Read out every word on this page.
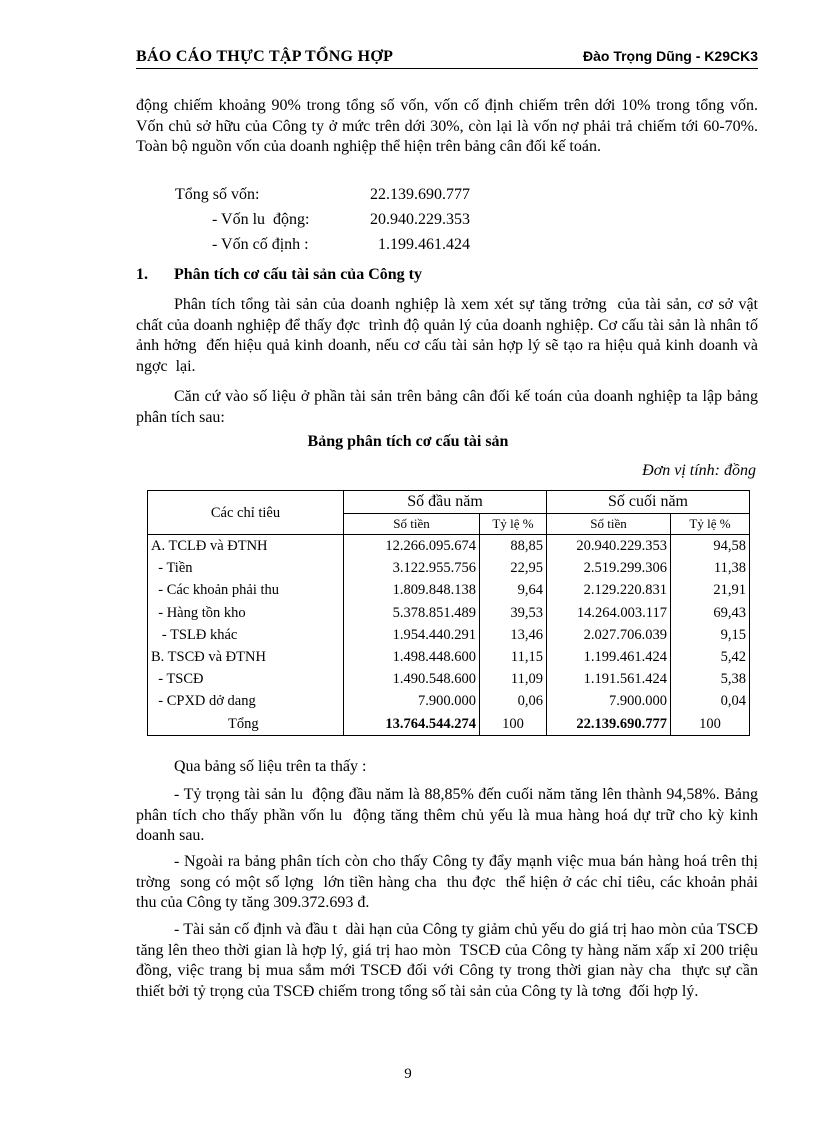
BÁO CÁO THỰC TẬP TỔNG HỢP	Đào Trọng Dũng - K29CK3
động chiếm khoảng 90% trong tổng số vốn, vốn cố định chiếm trên dới 10% trong tổng vốn. Vốn chủ sở hữu của Công ty ở mức trên dới 30%, còn lại là vốn nợ phải trả chiếm tới 60-70%. Toàn bộ nguồn vốn của doanh nghiệp thể hiện trên bảng cân đối kế toán.
Tổng số vốn:	22.139.690.777
- Vốn lu  động:	20.940.229.353
- Vốn cố định :	1.199.461.424
1. Phân tích cơ cấu tài sản của Công ty
Phân tích tổng tài sản của doanh nghiệp là xem xét sự tăng trởng  của tài sản, cơ sở vật chất của doanh nghiệp để thấy đợc  trình độ quản lý của doanh nghiệp. Cơ cấu tài sản là nhân tố ảnh hởng  đến hiệu quả kinh doanh, nếu cơ cấu tài sản hợp lý sẽ tạo ra hiệu quả kinh doanh và ngợc  lại.
Căn cứ vào số liệu ở phần tài sản trên bảng cân đối kế toán của doanh nghiệp ta lập bảng phân tích sau:
Bảng phân tích cơ cấu tài sản
Đơn vị tính: đồng
Các chỉ tiêu	Số đầu năm		Số cuối năm	
	Số tiền	Tỷ lệ %	Số tiền	Tỷ lệ %
A. TCLĐ và ĐTNH	12.266.095.674	88,85	20.940.229.353	94,58
- Tiền	3.122.955.756	22,95	2.519.299.306	11,38
- Các khoản phải thu	1.809.848.138	9,64	2.129.220.831	21,91
- Hàng tồn kho	5.378.851.489	39,53	14.264.003.117	69,43
- TSLĐ khác	1.954.440.291	13,46	2.027.706.039	9,15
B. TSCĐ và ĐTNH	1.498.448.600	11,15	1.199.461.424	5,42
- TSCĐ	1.490.548.600	11,09	1.191.561.424	5,38
- CPXD dở dang	7.900.000	0,06	7.900.000	0,04
Tổng	13.764.544.274	100	22.139.690.777	100
Qua bảng số liệu trên ta thấy :
- Tỷ trọng tài sản lu  động đầu năm là 88,85% đến cuối năm tăng lên thành 94,58%. Bảng phân tích cho thấy phần vốn lu  động tăng thêm chủ yếu là mua hàng hoá dự trữ cho kỳ kinh doanh sau.
- Ngoài ra bảng phân tích còn cho thấy Công ty đẩy mạnh việc mua bán hàng hoá trên thị trờng  song có một số lợng  lớn tiền hàng cha  thu đợc  thể hiện ở các chỉ tiêu, các khoản phải thu của Công ty tăng 309.372.693 đ.
- Tài sản cố định và đầu t  dài hạn của Công ty giảm chủ yếu do giá trị hao mòn của TSCĐ  tăng lên theo thời gian là hợp lý, giá trị hao mòn  TSCĐ của Công ty hàng năm xấp xỉ 200 triệu đồng, việc trang bị mua sắm mới TSCĐ đối với Công ty trong thời gian này cha  thực sự cần thiết bởi tỷ trọng của TSCĐ chiếm trong tổng số tài sản của Công ty là tơng  đối hợp lý.
9
